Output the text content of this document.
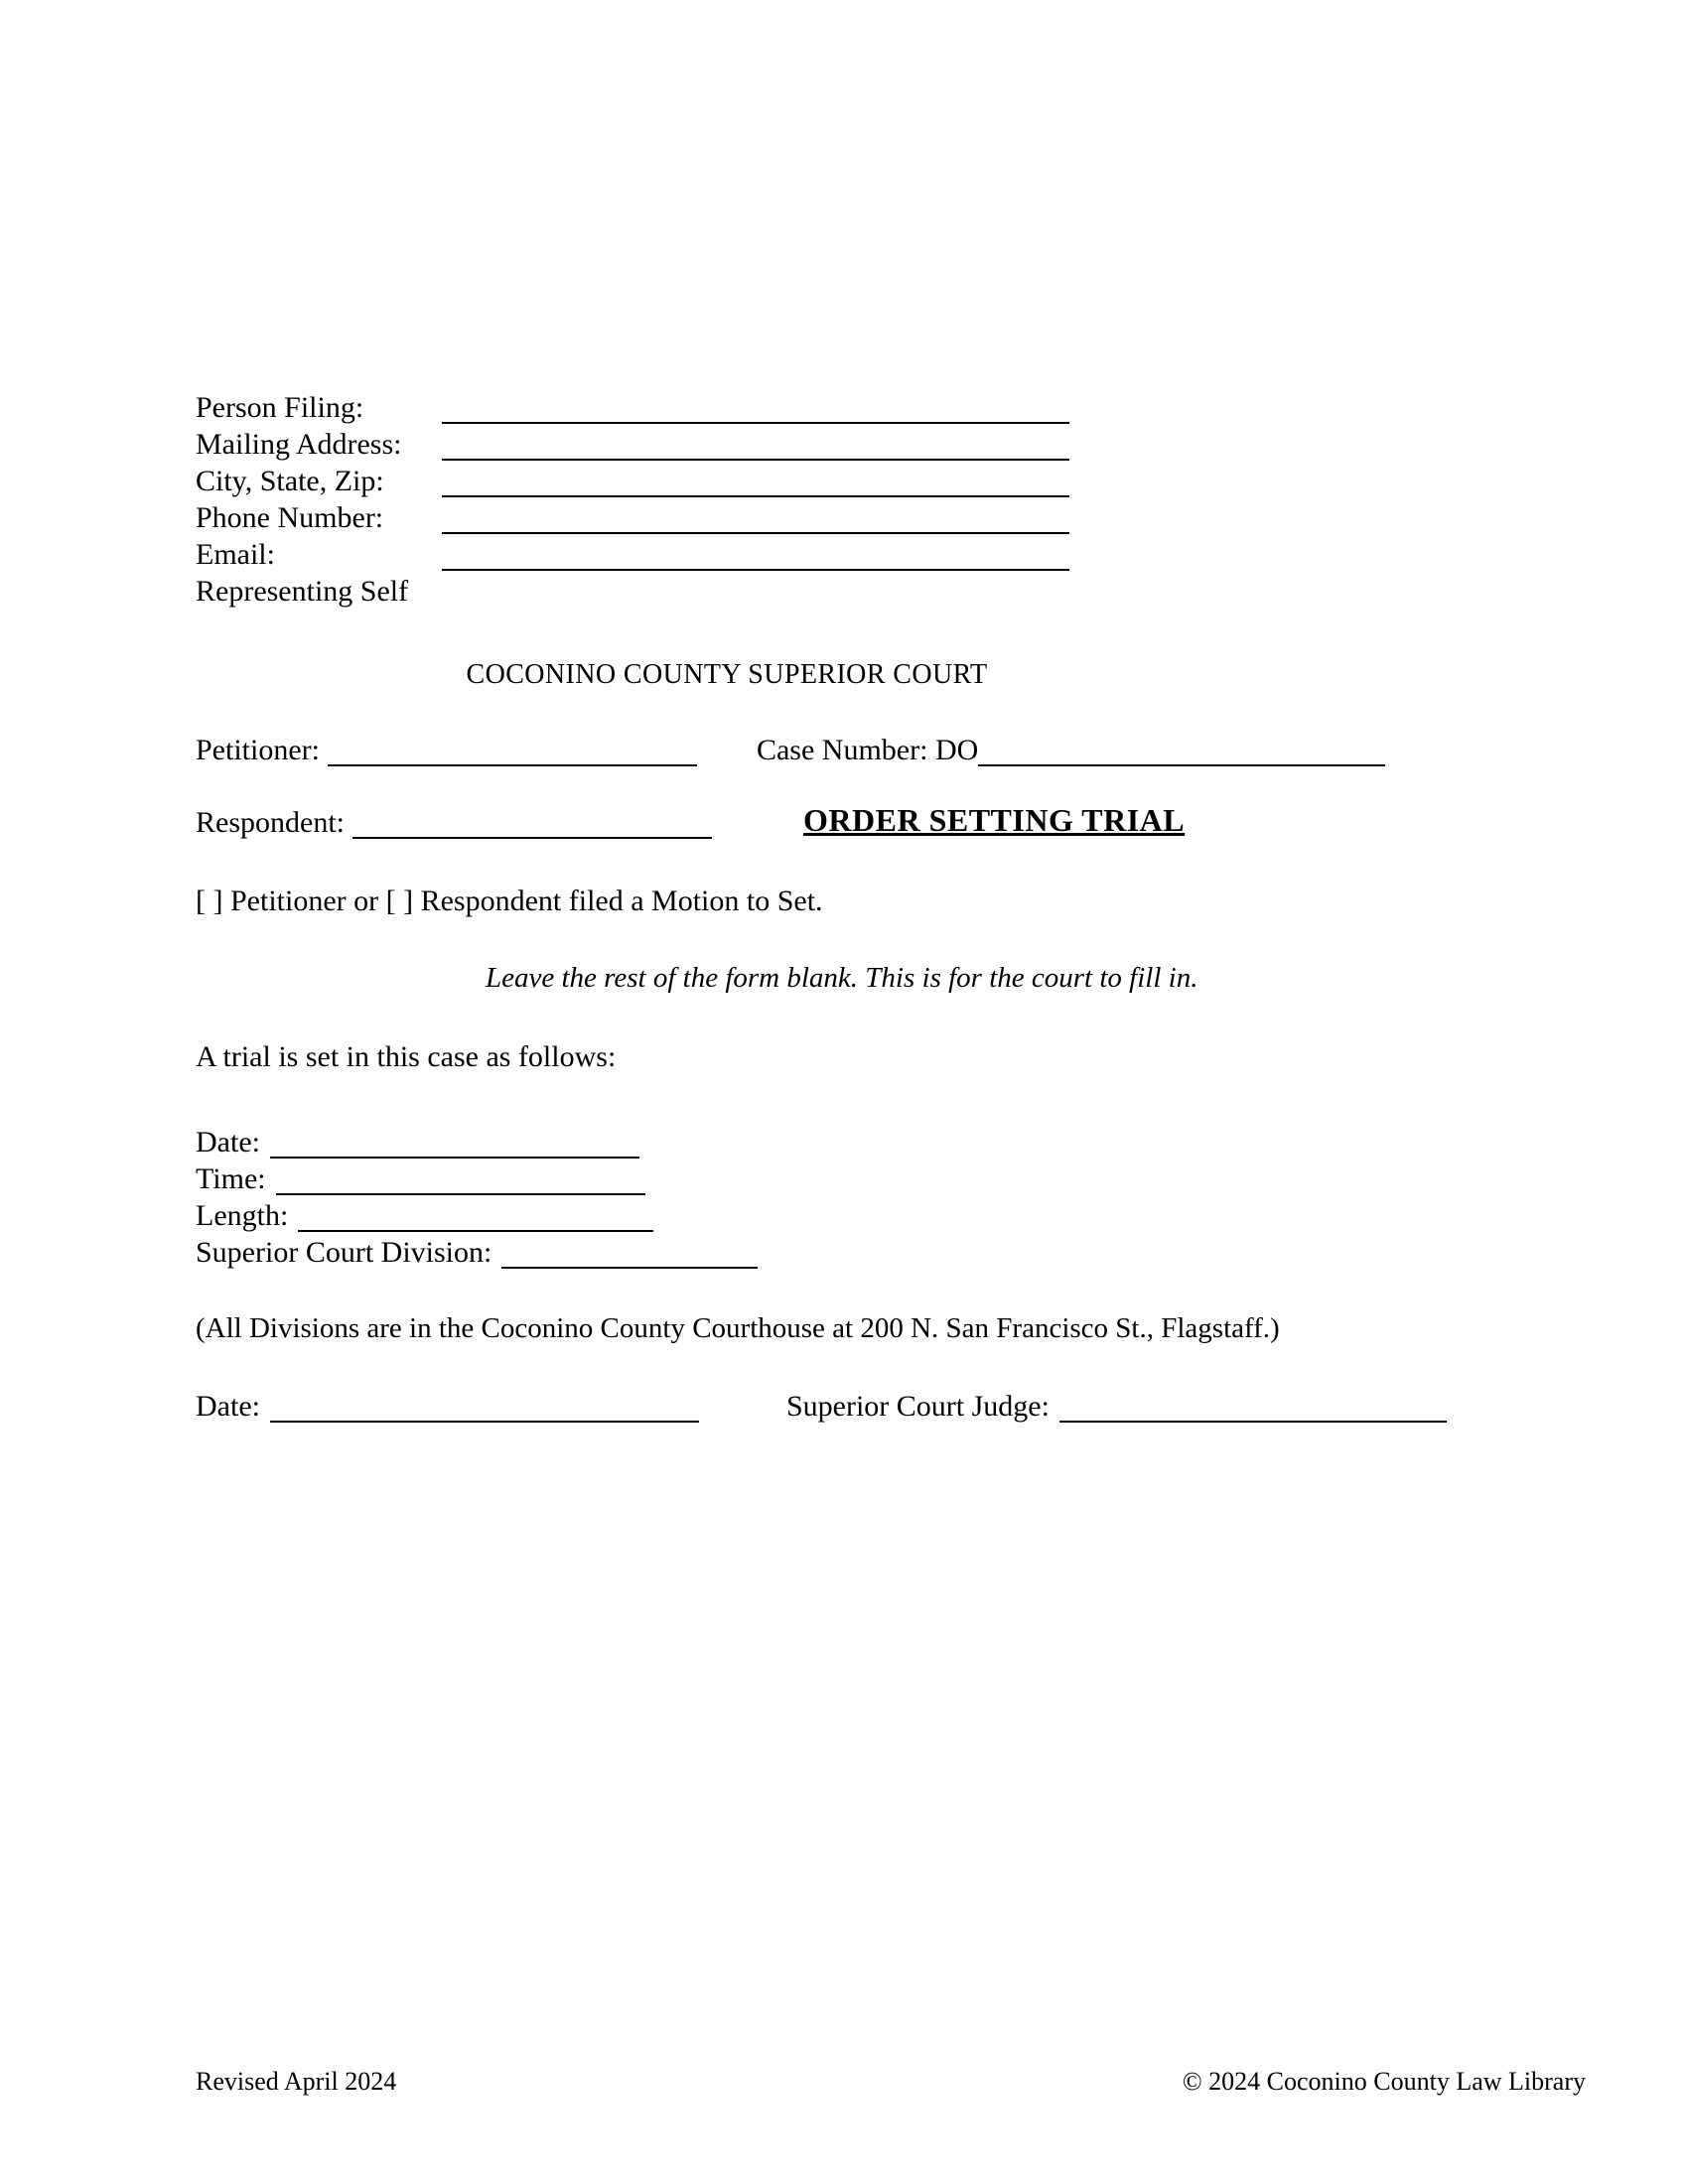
Person Filing:
Mailing Address:
City, State, Zip:
Phone Number:
Email:
Representing Self
COCONINO COUNTY SUPERIOR COURT
Petitioner:	Case Number: DO
Respondent:	ORDER SETTING TRIAL
[ ] Petitioner or [ ] Respondent filed a Motion to Set.
Leave the rest of the form blank. This is for the court to fill in.
A trial is set in this case as follows:
Date:
Time:
Length:
Superior Court Division:
(All Divisions are in the Coconino County Courthouse at 200 N. San Francisco St., Flagstaff.)
Date:	Superior Court Judge:
Revised April 2024	© 2024 Coconino County Law Library
